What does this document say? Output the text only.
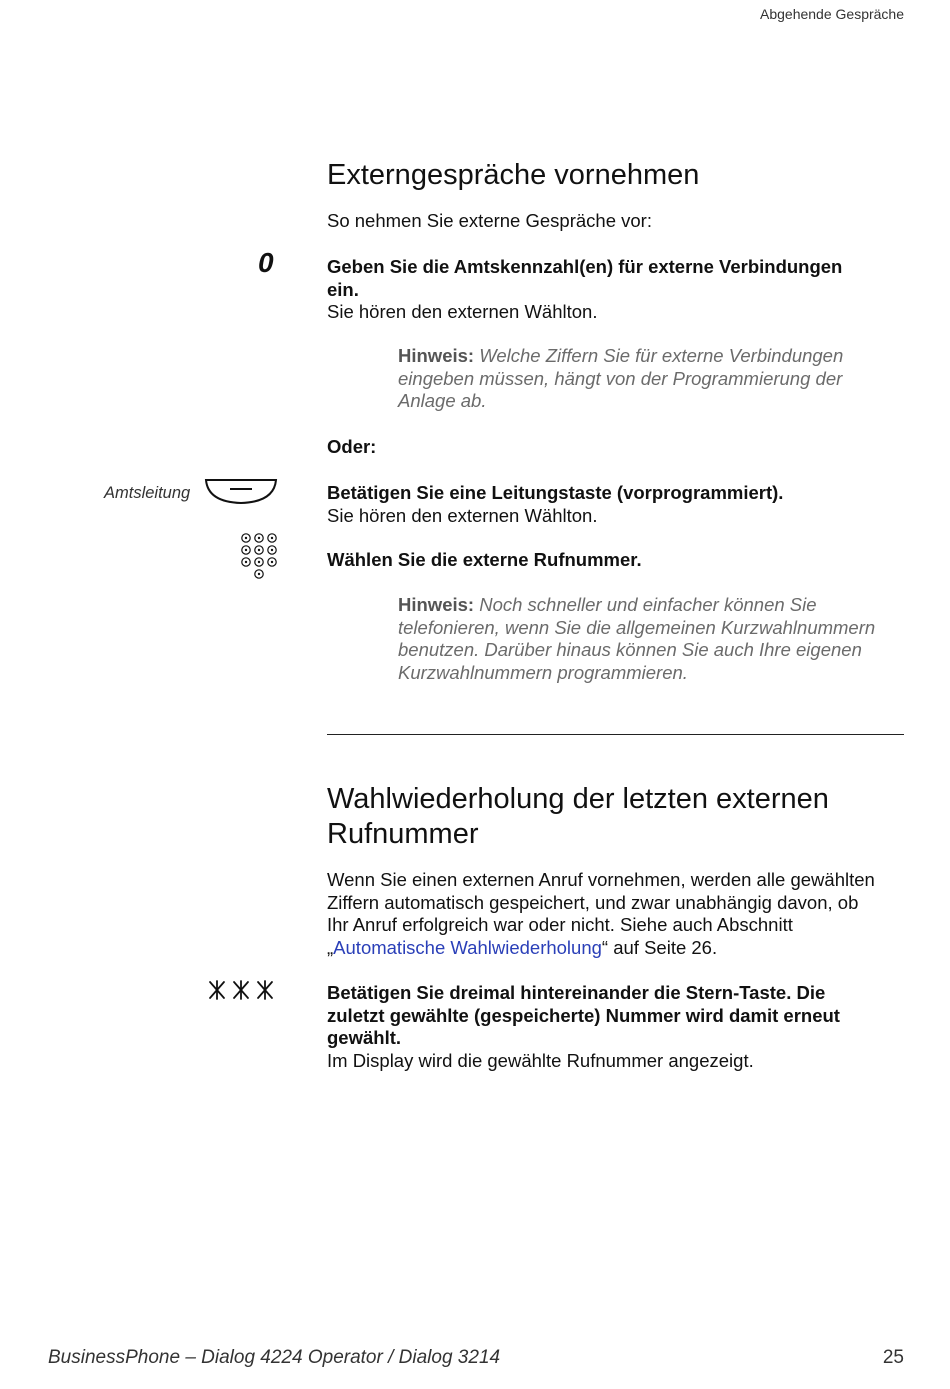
Abgehende Gespräche
Externgespräche vornehmen
So nehmen Sie externe Gespräche vor:
0	Geben Sie die Amtskennzahl(en) für externe Verbindungen
ein.
Sie hören den externen Wählton.
Hinweis: Welche Ziffern Sie für externe Verbindungen
eingeben müssen, hängt von der Programmierung der
Anlage ab.
Oder:
Amtsleitung	Betätigen Sie eine Leitungstaste (vorprogrammiert).
Sie hören den externen Wählton.
Wählen Sie die externe Rufnummer.
Hinweis: Noch schneller und einfacher können Sie
telefonieren, wenn Sie die allgemeinen Kurzwahlnummern
benutzen. Darüber hinaus können Sie auch Ihre eigenen
Kurzwahlnummern programmieren.
Wahlwiederholung der letzten externen
Rufnummer
Wenn Sie einen externen Anruf vornehmen, werden alle gewählten
Ziffern automatisch gespeichert, und zwar unabhängig davon, ob
Ihr Anruf erfolgreich war oder nicht. Siehe auch Abschnitt
„Automatische Wahlwiederholung“ auf Seite 26.
Betätigen Sie dreimal hintereinander die Stern-Taste. Die
zuletzt gewählte (gespeicherte) Nummer wird damit erneut
gewählt.
Im Display wird die gewählte Rufnummer angezeigt.
BusinessPhone – Dialog 4224 Operator / Dialog 3214	25
